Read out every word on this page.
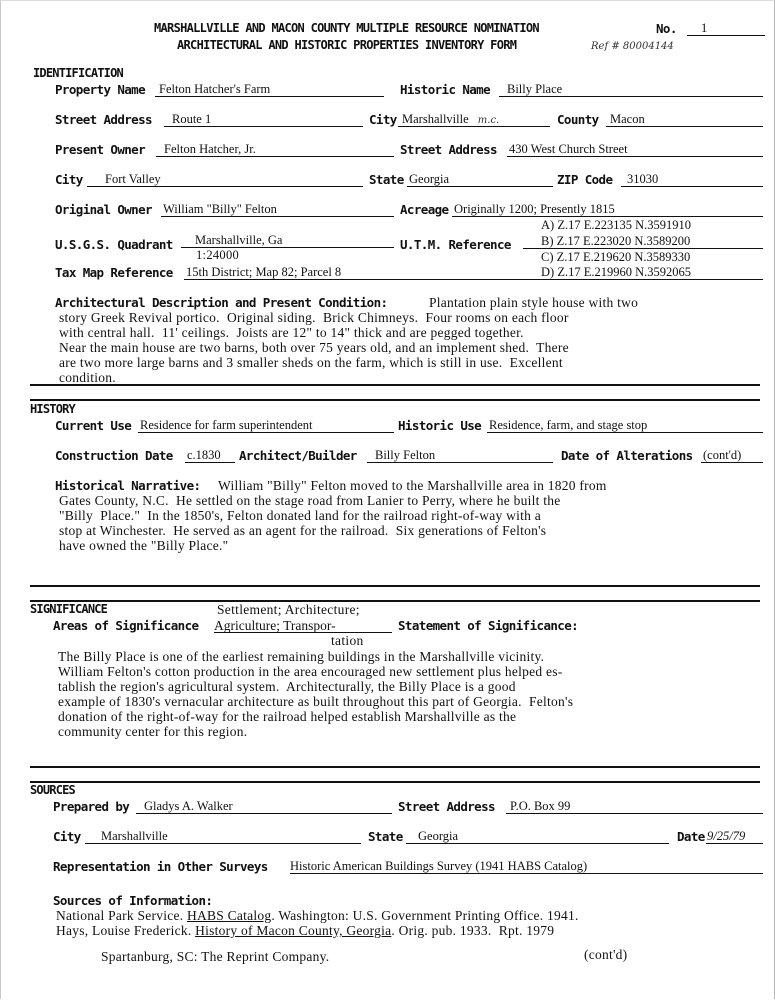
MARSHALLVILLE AND MACON COUNTY MULTIPLE RESOURCE NOMINATION
ARCHITECTURAL AND HISTORIC PROPERTIES INVENTORY FORM
No.	1
Ref # 80004144
IDENTIFICATION
Property Name	Felton Hatcher's Farm	Historic Name	Billy Place
Street Address	Route 1	City Marshallville m.c.	County Macon
Present Owner	Felton Hatcher, Jr.	Street Address 430 West Church Street
City	Fort Valley	State Georgia	ZIP Code	31030
Original Owner William "Billy" Felton	Acreage Originally 1200; Presently 1815
U.S.G.S. Quadrant	Marshallville, Ga
1:24000
U.T.M. Reference
A) Z.17 E.223135 N.3591910
B) Z.17 E.223020 N.3589200
C) Z.17 E.219620 N.3589330
D) Z.17 E.219960 N.3592065
Tax Map Reference 15th District; Map 82; Parcel 8
Architectural Description and Present Condition:	Plantation plain style house with two
story Greek Revival portico.  Original siding.  Brick Chimneys.  Four rooms on each floor
with central hall.  11' ceilings.  Joists are 12" to 14" thick and are pegged together.
Near the main house are two barns, both over 75 years old, and an implement shed.  There
are two more large barns and 3 smaller sheds on the farm, which is still in use.  Excellent
condition.
HISTORY
Current Use Residence for farm superintendent	Historic Use Residence, farm, and stage stop
Construction Date c.1830	Architect/Builder	Billy Felton	Date of Alterations (cont'd)
Historical Narrative: William "Billy" Felton moved to the Marshallville area in 1820 from
Gates County, N.C.  He settled on the stage road from Lanier to Perry, where he built the
"Billy  Place."  In the 1850's, Felton donated land for the railroad right-of-way with a
stop at Winchester.  He served as an agent for the railroad.  Six generations of Felton's
have owned the "Billy Place."
SIGNIFICANCE	Settlement; Architecture;
Areas of Significance Agriculture; Transpor-
tation
Statement of Significance:
The Billy Place is one of the earliest remaining buildings in the Marshallville vicinity.
William Felton's cotton production in the area encouraged new settlement plus helped es-
tablish the region's agricultural system.  Architecturally, the Billy Place is a good
example of 1830's vernacular architecture as built throughout this part of Georgia.  Felton's
donation of the right-of-way for the railroad helped establish Marshallville as the
community center for this region.
SOURCES
Prepared by	Gladys A. Walker	Street Address	P.O. Box 99
City	Marshallville	State	Georgia	Date 9/25/79
Representation in Other Surveys Historic American Buildings Survey (1941 HABS Catalog)
Sources of Information:
National Park Service. HABS Catalog. Washington: U.S. Government Printing Office. 1941.
Hays, Louise Frederick. History of Macon County, Georgia. Orig. pub. 1933.  Rpt. 1979
Spartanburg, SC: The Reprint Company.	(cont'd)
